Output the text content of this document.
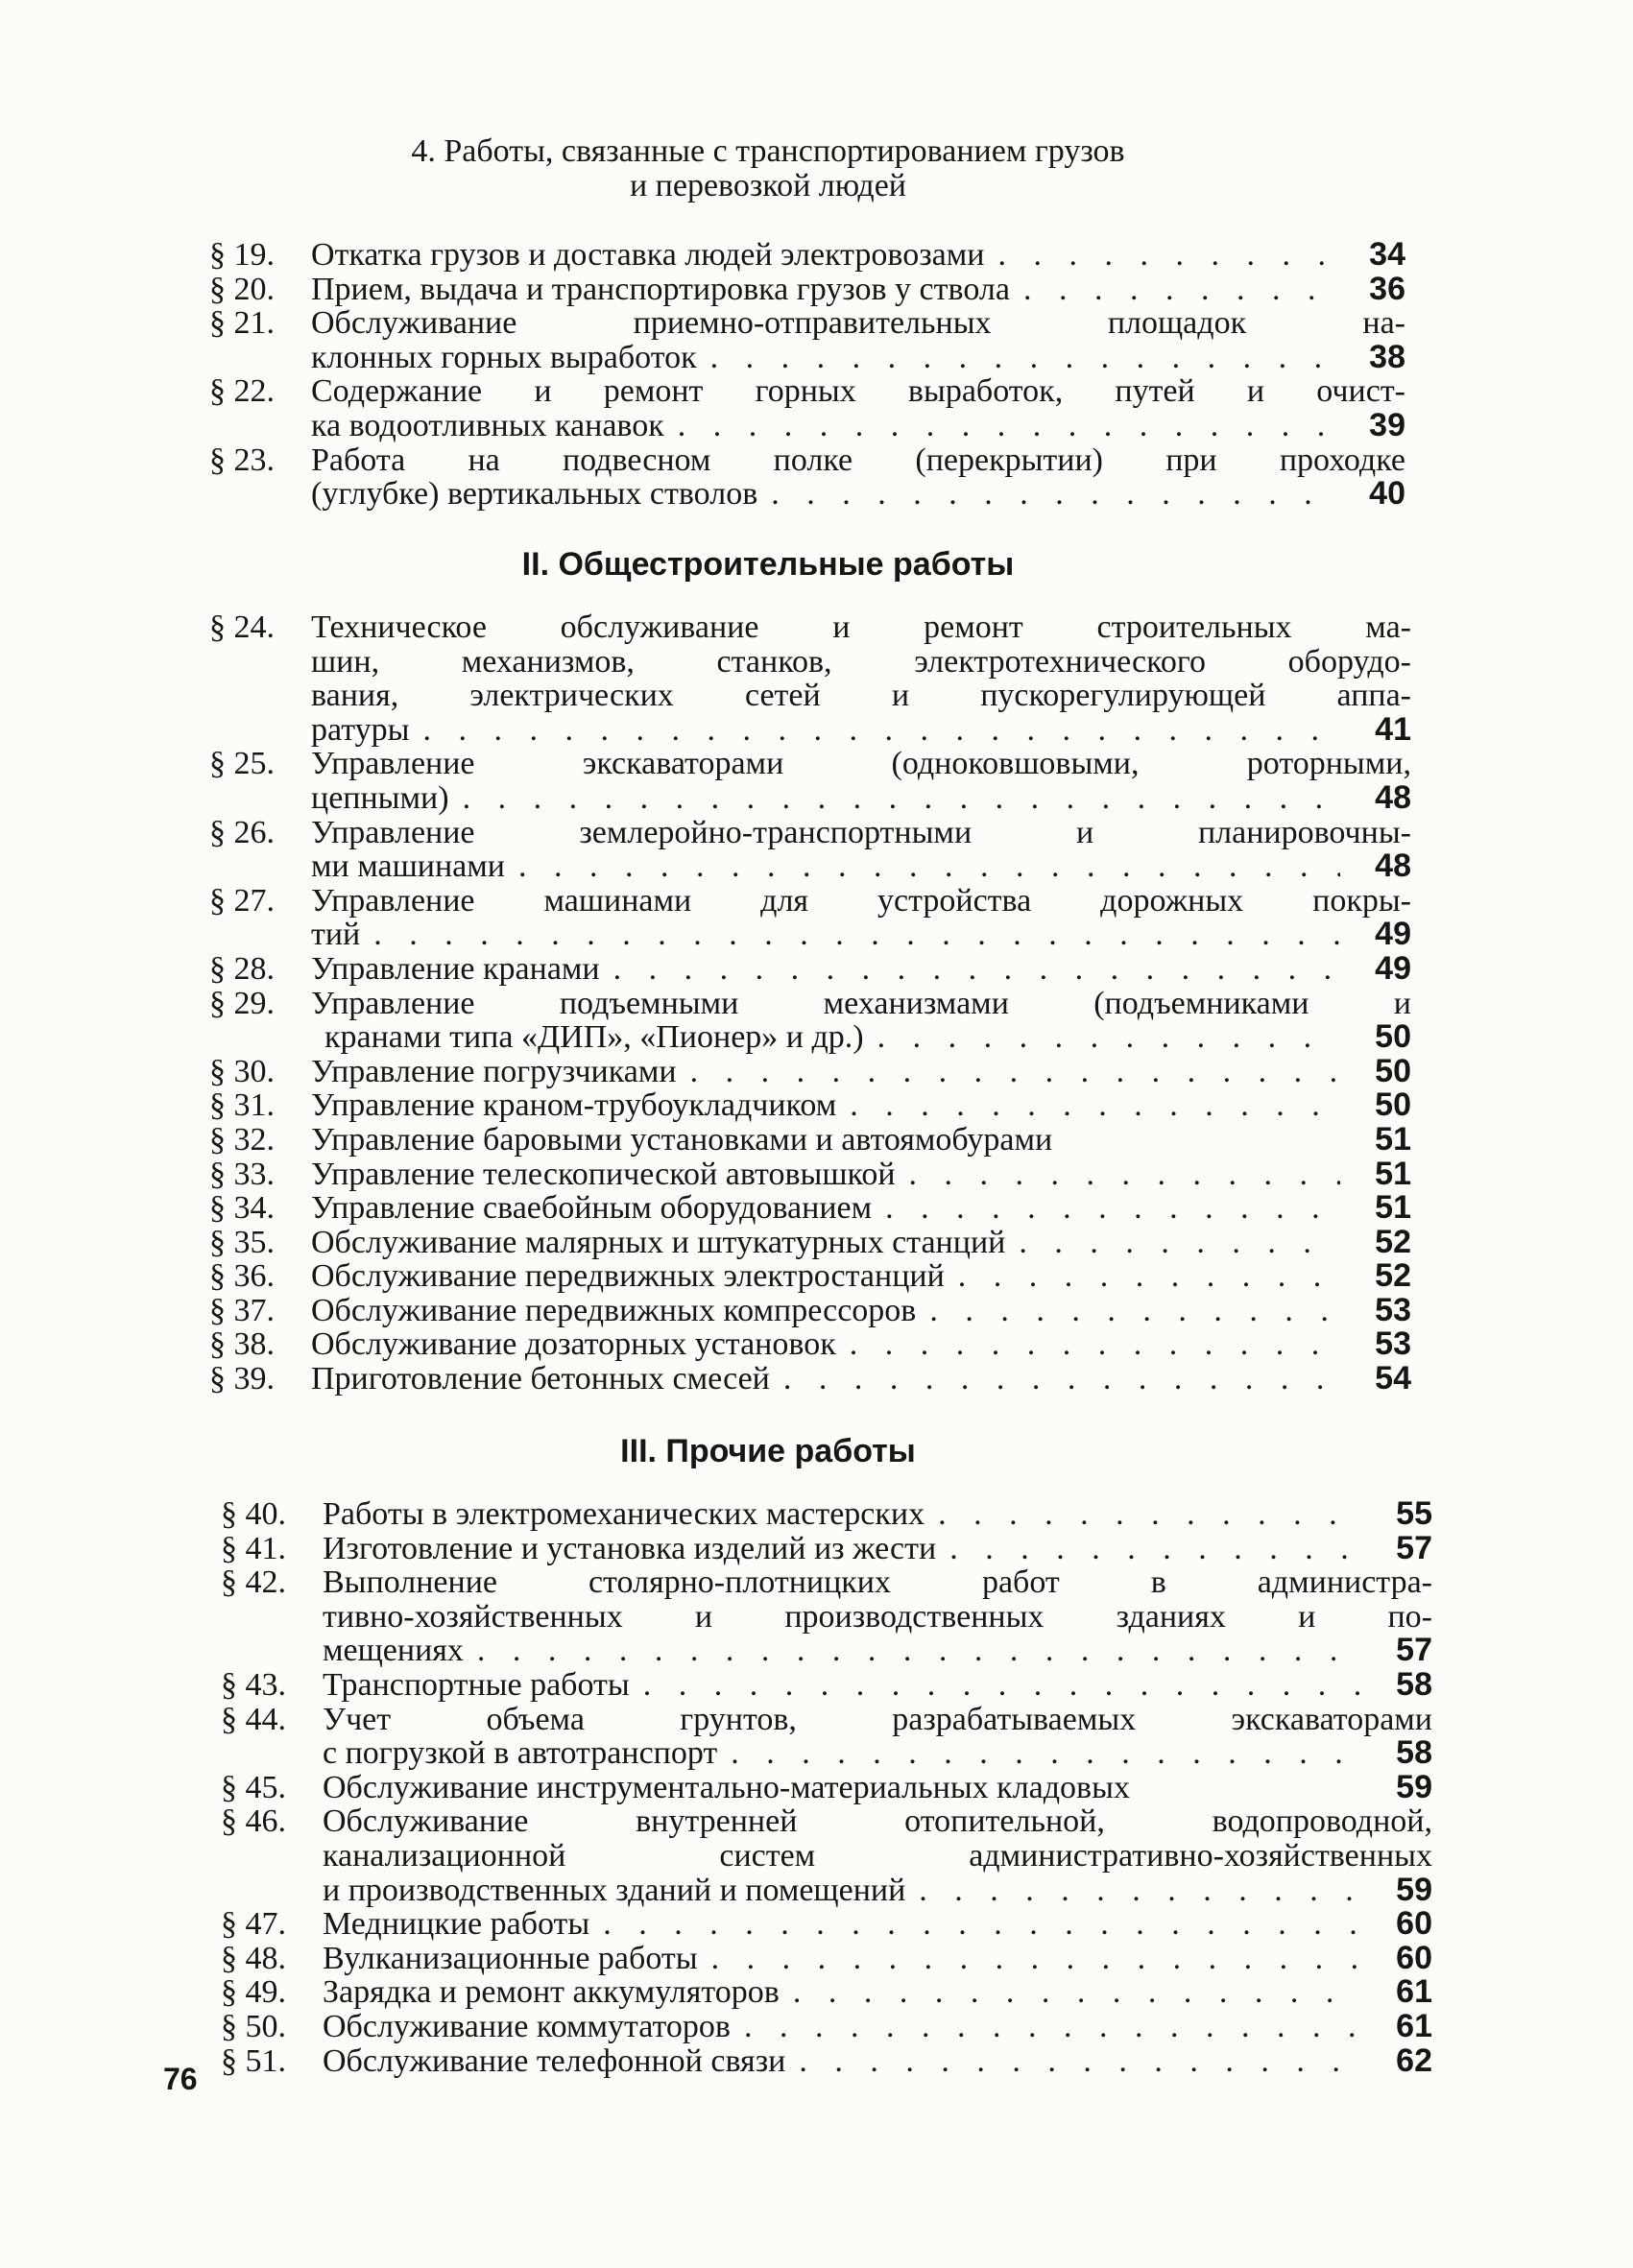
4. Работы, связанные с транспортированием грузов
и перевозкой людей
§ 19. Откатка грузов и доставка людей электровозами . . .	34
§ 20. Прием, выдача и транспортировка грузов у ствола . . .	36
§ 21. Обслуживание приемно-отправительных площадок на-
клонных горных выработок . . .	38
§ 22. Содержание и ремонт горных выработок, путей и очист-
ка водоотливных канавок . . .	39
§ 23. Работа на подвесном полке (перекрытии) при проходке
(углубке) вертикальных стволов . . .	40
II. Общестроительные работы
§ 24. Техническое обслуживание и ремонт строительных ма-
шин, механизмов, станков, электротехнического оборудо-
вания, электрических сетей и пускорегулирующей аппа-
ратуры . . .	41
§ 25. Управление экскаваторами (одноковшовыми, роторными,
цепными) . . .	48
§ 26. Управление землеройно-транспортными и планировочны-
ми машинами . . .	48
§ 27. Управление машинами для устройства дорожных покры-
тий . . .	49
§ 28. Управление кранами . . .	49
§ 29. Управление подъемными механизмами (подъемниками и
кранами типа «ДИП», «Пионер» и др.) . . .	50
§ 30. Управление погрузчиками . . .	50
§ 31. Управление краном-трубоукладчиком . . .	50
§ 32. Управление баровыми установками и автоямобурами	51
§ 33. Управление телескопической автовышкой . . .	51
§ 34. Управление сваебойным оборудованием . . .	51
§ 35. Обслуживание малярных и штукатурных станций . . .	52
§ 36. Обслуживание передвижных электростанций . . .	52
§ 37. Обслуживание передвижных компрессоров . . .	53
§ 38. Обслуживание дозаторных установок . . .	53
§ 39. Приготовление бетонных смесей . . .	54
III. Прочие работы
§ 40. Работы в электромеханических мастерских . . .	55
§ 41. Изготовление и установка изделий из жести . . .	57
§ 42. Выполнение столярно-плотницких работ в администра-
тивно-хозяйственных и производственных зданиях и по-
мещениях . . .	57
§ 43. Транспортные работы . . .	58
§ 44. Учет объема грунтов, разрабатываемых экскаваторами
с погрузкой в автотранспорт . . .	58
§ 45. Обслуживание инструментально-материальных кладовых	59
§ 46. Обслуживание внутренней отопительной, водопроводной,
канализационной систем административно-хозяйственных
и производственных зданий и помещений . . .	59
§ 47. Медницкие работы . . .	60
§ 48. Вулканизационные работы . . .	60
§ 49. Зарядка и ремонт аккумуляторов . . .	61
§ 50. Обслуживание коммутаторов . . .	61
§ 51. Обслуживание телефонной связи . . .	62
76
